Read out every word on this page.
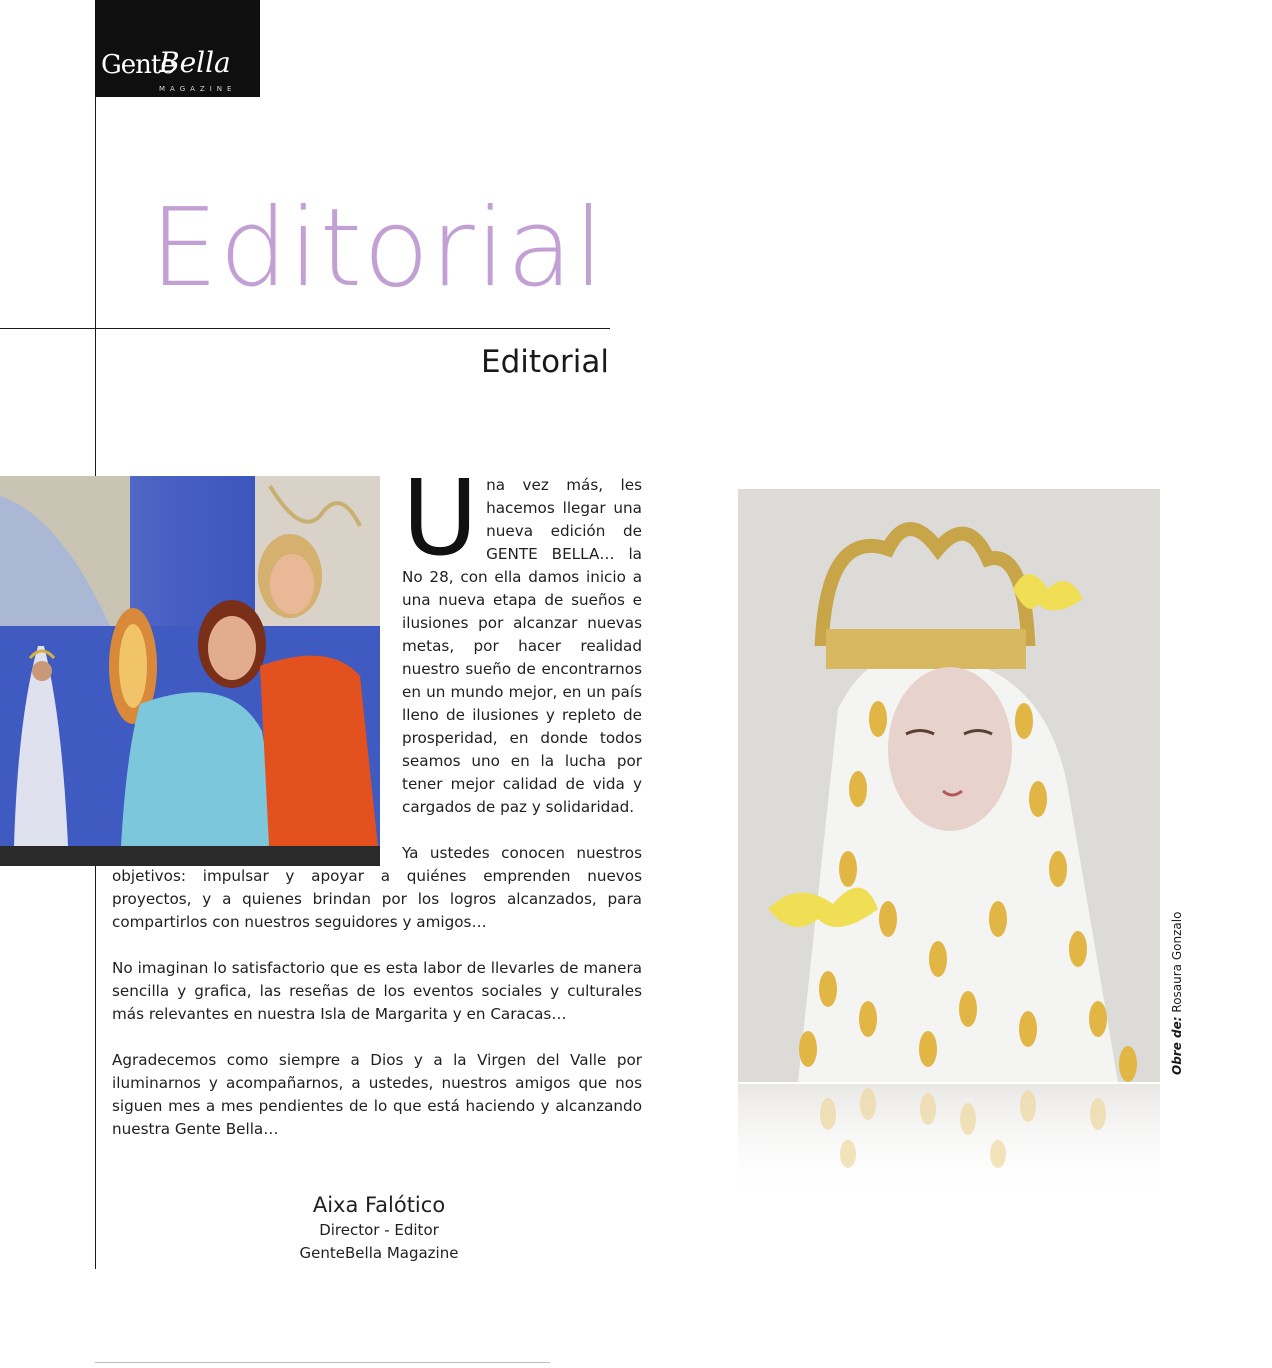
Gente
Bella
MAGAZINE
Editorial
Editorial

Una vez más, les hacemos llegar una nueva edición de GENTE BELLA… la No 28, con ella damos inicio a una nueva etapa de sueños e ilusiones por alcanzar nuevas metas, por hacer realidad nuestro sueño de encontrarnos en un mundo mejor, en un país lleno de ilusiones y repleto de prosperidad, en donde todos seamos uno en la lucha por tener mejor calidad de vida y cargados de paz y solidaridad.

Ya ustedes conocen nuestros objetivos: impulsar y apoyar a quiénes emprenden nuevos proyectos, y a quienes brindan por los logros alcanzados, para compartirlos con nuestros seguidores y amigos…

No imaginan lo satisfactorio que es esta labor de llevarles de manera sencilla y grafica, las reseñas de los eventos sociales y culturales más relevantes en nuestra Isla de Margarita y en Caracas…

Agradecemos como siempre a Dios y a la Virgen del Valle por iluminarnos y acompañarnos, a ustedes, nuestros amigos que nos siguen mes a mes pendientes de lo que está haciendo y alcanzando nuestra Gente Bella…

Aixa Falótico
Director - Editor
GenteBella Magazine
Obre de: Rosaura Gonzalo
